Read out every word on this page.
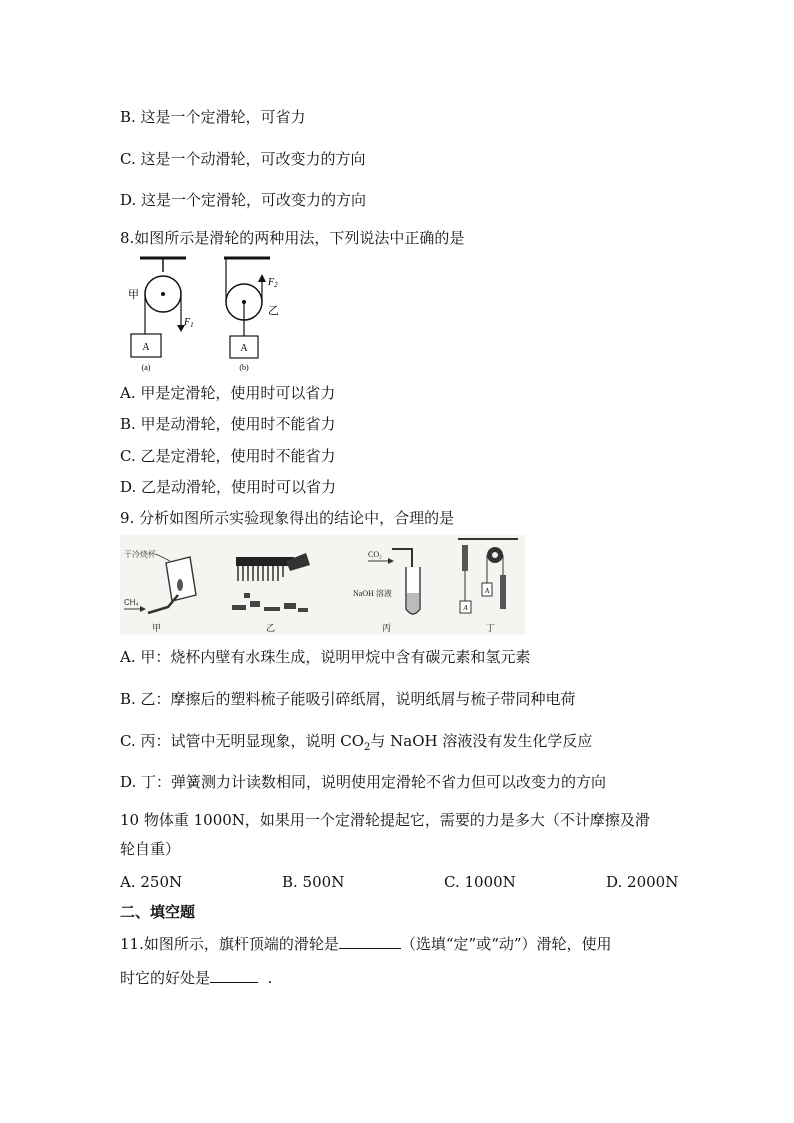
B. 这是一个定滑轮，可省力
C. 这是一个动滑轮，可改变力的方向
D. 这是一个定滑轮，可改变力的方向
8.如图所示是滑轮的两种用法，下列说法中正确的是
A
甲
$F_1$
(a)
A
$F_2$
乙
(b)
A. 甲是定滑轮，使用时可以省力
B. 甲是动滑轮，使用时不能省力
C. 乙是定滑轮，使用时不能省力
D. 乙是动滑轮，使用时可以省力
9. 分析如图所示实验现象得出的结论中，合理的是
干冷烧杯
CH₄
甲	乙
CO₂
NaOH 溶液
丙
A
A
丁
A. 甲：烧杯内壁有水珠生成，说明甲烷中含有碳元素和氢元素
B. 乙：摩擦后的塑料梳子能吸引碎纸屑，说明纸屑与梳子带同种电荷
C. 丙：试管中无明显现象，说明 $CO_2$与 NaOH 溶液没有发生化学反应
D. 丁：弹簧测力计读数相同，说明使用定滑轮不省力但可以改变力的方向
10 物体重 1000N，如果用一个定滑轮提起它，需要的力是多大（不计摩擦及滑
轮自重）
A. 250N	B. 500N	C. 1000N	D. 2000N
二、填空题
11.如图所示，旗杆顶端的滑轮是	（选填“定”或“动”）滑轮，使用
时它的好处是	.
